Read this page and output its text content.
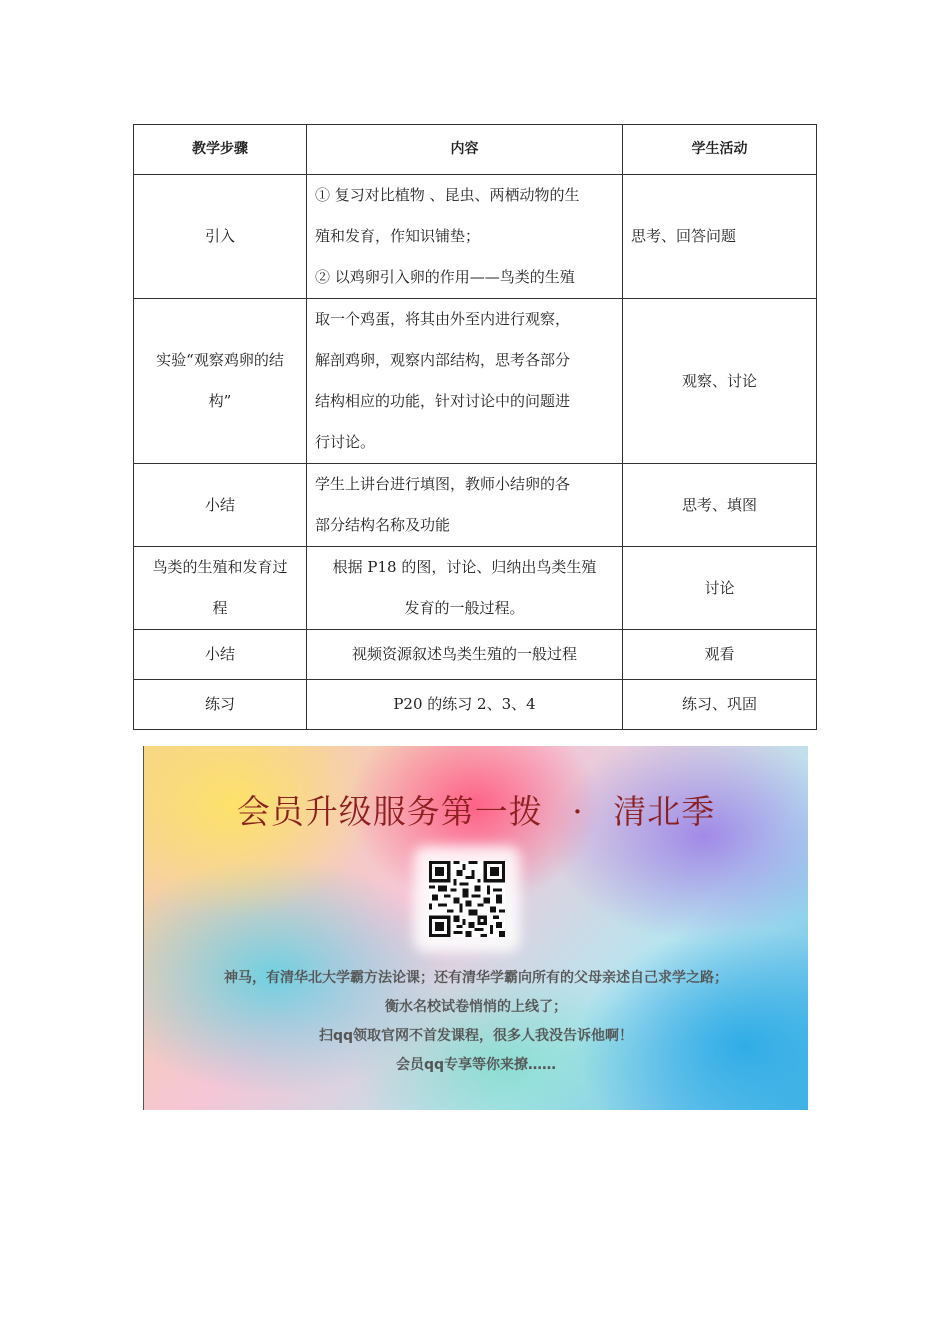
教学步骤	内容	学生活动
引入	① 复习对比植物 、昆虫、两栖动物的生
殖和发育，作知识铺垫；
② 以鸡卵引入卵的作用——鸟类的生殖	思考、回答问题

实验“观察鸡卵的结
构”	取一个鸡蛋，将其由外至内进行观察，
解剖鸡卵，观察内部结构，思考各部分
结构相应的功能，针对讨论中的问题进
行讨论。	观察、讨论
小结	学生上讲台进行填图，教师小结卵的各
部分结构名称及功能	思考、填图

鸟类的生殖和发育过
程	根据 P18 的图，讨论、归纳出鸟类生殖
发育的一般过程。	讨论
小结	视频资源叙述鸟类生殖的一般过程	观看
练习	P20 的练习 2、3、4	练习、巩固
会员升级服务第一拨 · 清北季
神马，有清华北大学霸方法论课；还有清华学霸向所有的父母亲述自己求学之路；
衡水名校试卷悄悄的上线了；
扫qq领取官网不首发课程，很多人我没告诉他啊！
会员qq专享等你来撩……
